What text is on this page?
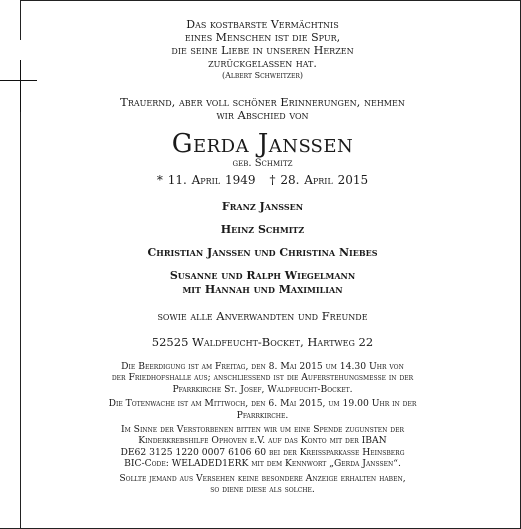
Das kostbarste Vermächtnis
eines Menschen ist die Spur,
die seine Liebe in unseren Herzen
zurückgelassen hat.
(Albert Schweitzer)
Trauernd, aber voll schöner Erinnerungen, nehmen
wir Abschied von
Gerda Janßen
geb. Schmitz
* 11. April 1949 † 28. April 2015
Franz Janßen
Heinz Schmitz
Christian Janßen und Christina Niebes
Susanne und Ralph Wiegelmann
mit Hannah und Maximilian
sowie alle Anverwandten und Freunde
52525 Waldfeucht-Bocket, Hartweg 22
Die Beerdigung ist am Freitag, den 8. Mai 2015 um 14.30 Uhr von
der Friedhofshalle aus; anschliessend ist die Auferstehungsmesse in der
Pfarrkirche St. Josef, Waldfeucht-Bocket.
Die Totenwache ist am Mittwoch, den 6. Mai 2015, um 19.00 Uhr in der
Pfarrkirche.
Im Sinne der Verstorbenen bitten wir um eine Spende zugunsten der
Kinderkrebshilfe Ophoven e.V. auf das Konto mit der IBAN
DE62 3125 1220 0007 6106 60 bei der Kreissparkasse Heinsberg
BIC-Code: WELADED1ERK mit dem Kennwort „Gerda Janssen“.
Sollte jemand aus Versehen keine besondere Anzeige erhalten haben,
so diene diese als solche.
